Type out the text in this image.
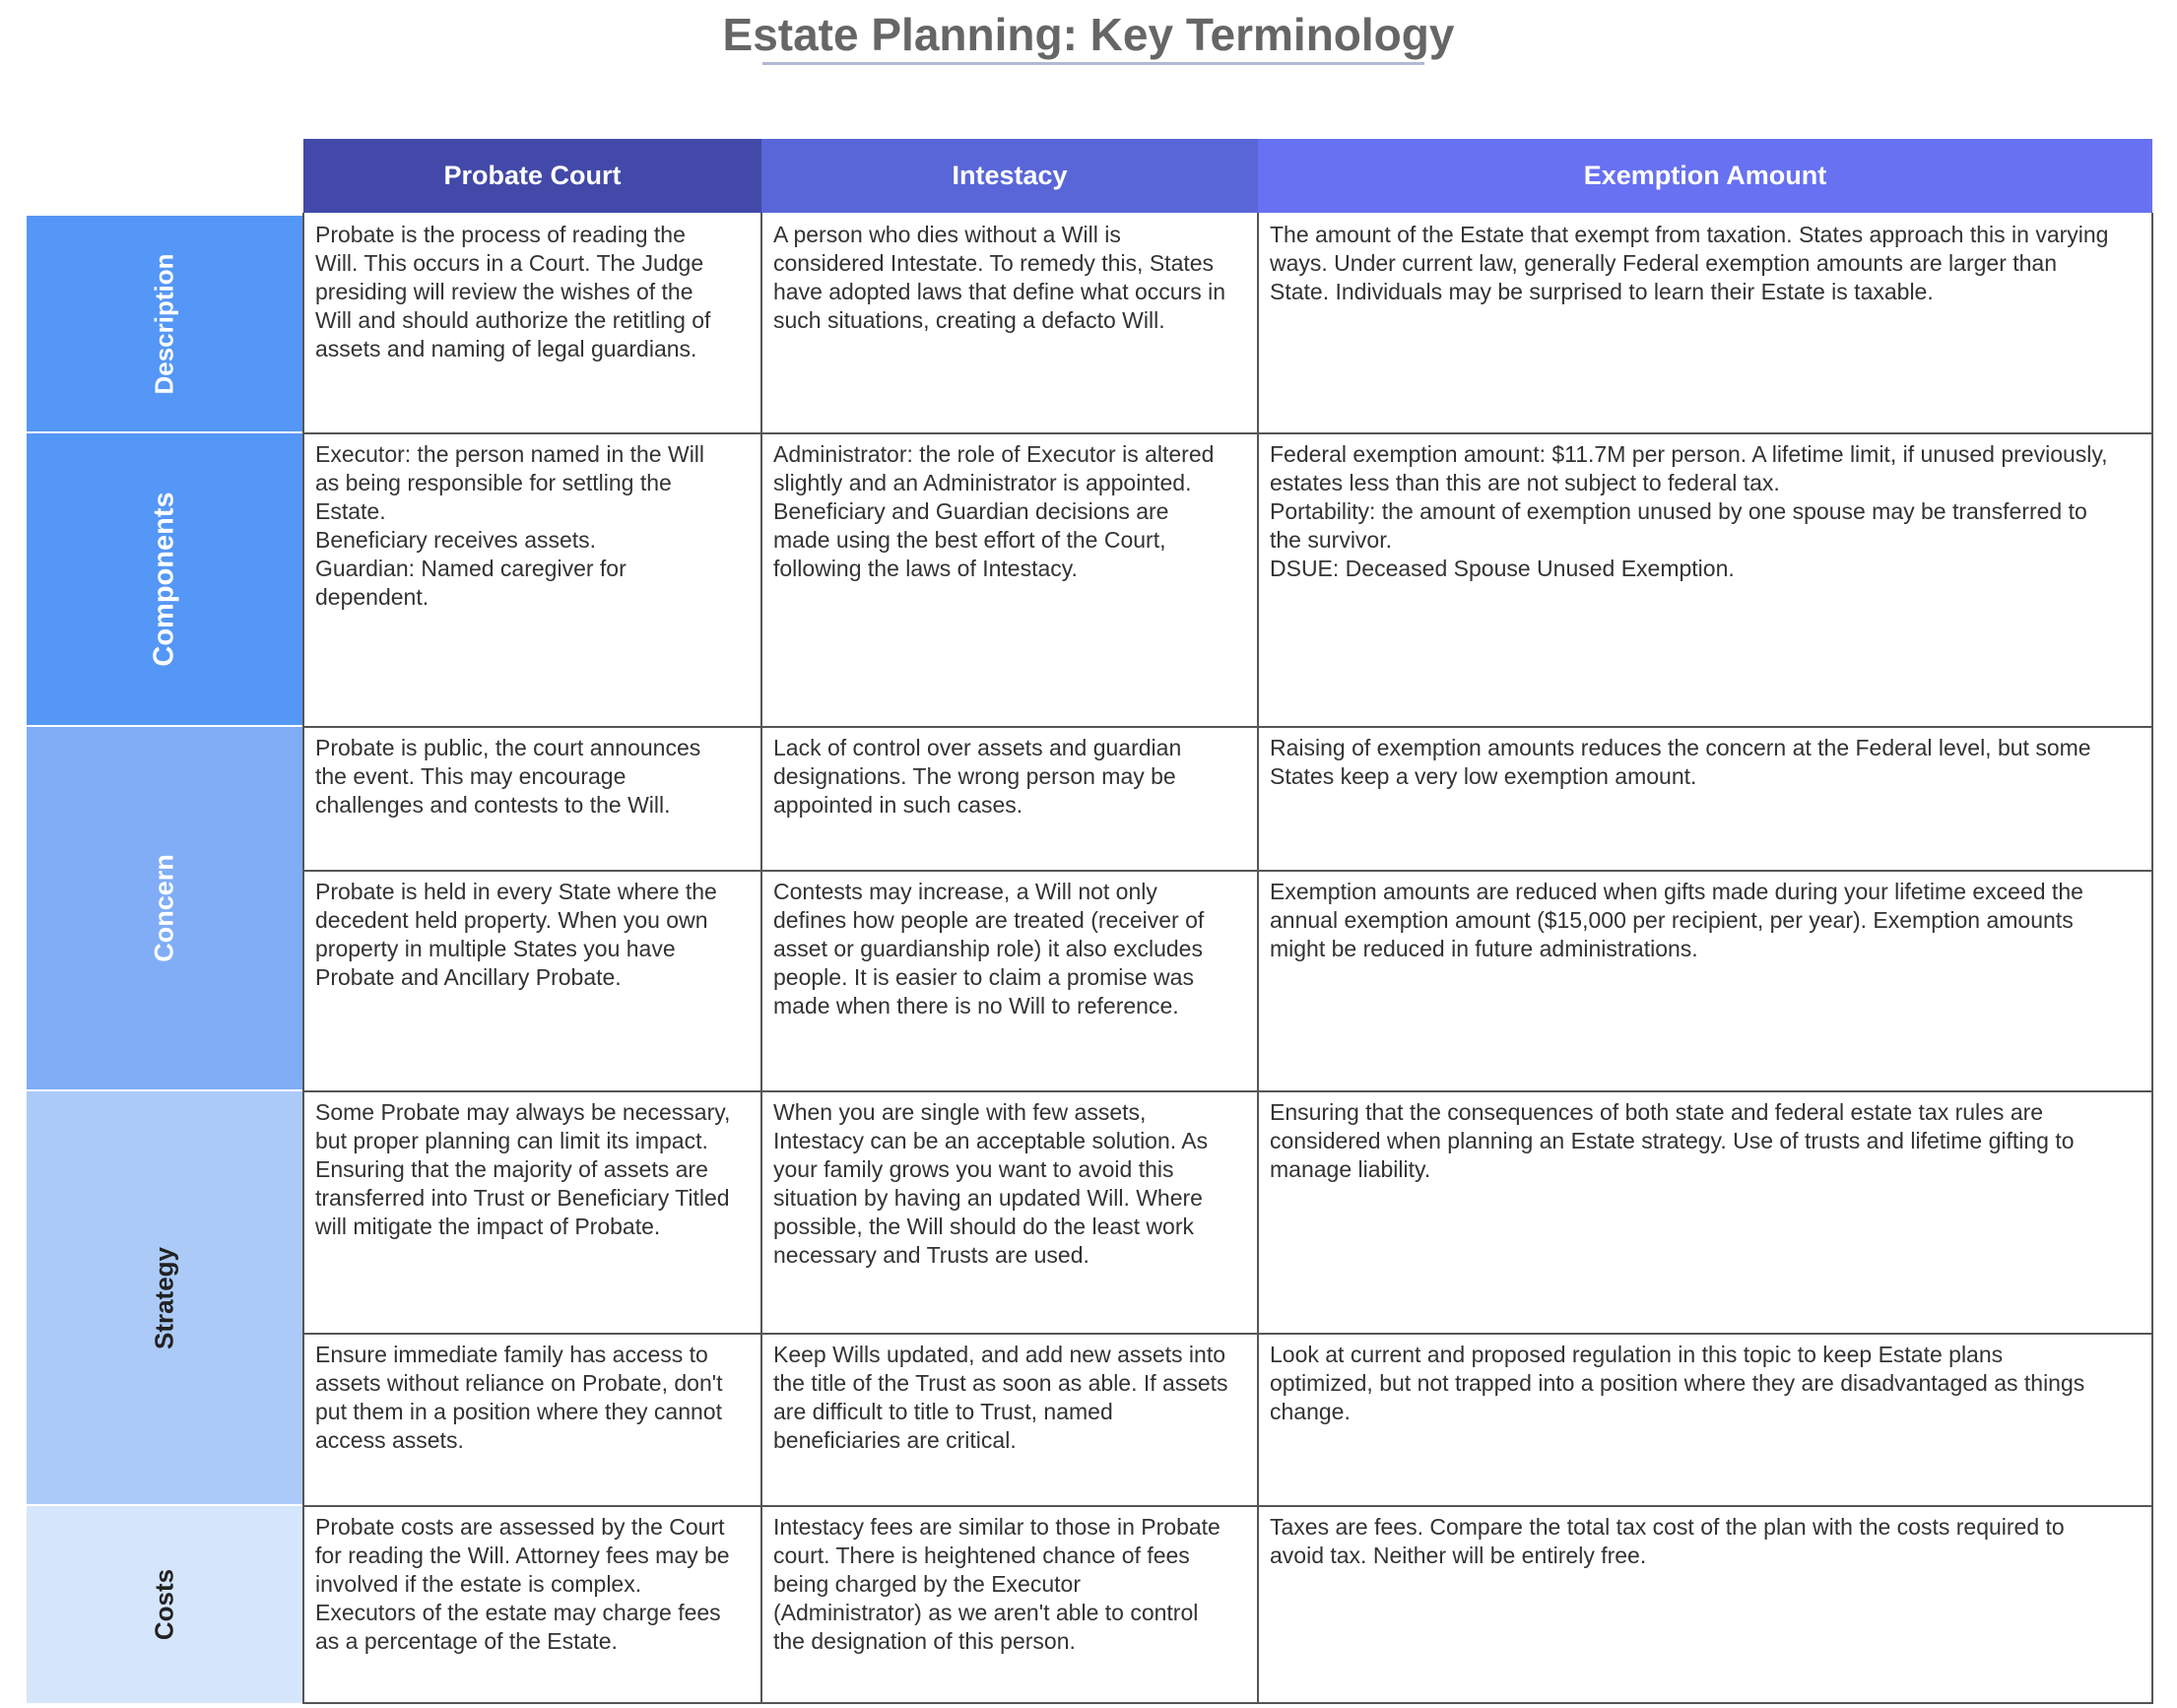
Estate Planning: Key Terminology
Probate Court	Intestacy	Exemption Amount
Description
Components
Concern
Strategy
Costs
Probate is the process of reading the
Will. This occurs in a Court. The Judge
presiding will review the wishes of the
Will and should authorize the retitling of
assets and naming of legal guardians.
A person who dies without a Will is
considered Intestate. To remedy this, States
have adopted laws that define what occurs in
such situations, creating a defacto Will.
The amount of the Estate that exempt from taxation. States approach this in varying
ways. Under current law, generally Federal exemption amounts are larger than
State. Individuals may be surprised to learn their Estate is taxable.
Executor: the person named in the Will
as being responsible for settling the
Estate.
Beneficiary receives assets.
Guardian: Named caregiver for
dependent.
Administrator: the role of Executor is altered
slightly and an Administrator is appointed.
Beneficiary and Guardian decisions are
made using the best effort of the Court,
following the laws of Intestacy.
Federal exemption amount: $11.7M per person. A lifetime limit, if unused previously,
estates less than this are not subject to federal tax.
Portability: the amount of exemption unused by one spouse may be transferred to
the survivor.
DSUE: Deceased Spouse Unused Exemption.
Probate is public, the court announces
the event. This may encourage
challenges and contests to the Will.
Lack of control over assets and guardian
designations. The wrong person may be
appointed in such cases.
Raising of exemption amounts reduces the concern at the Federal level, but some
States keep a very low exemption amount.
Probate is held in every State where the
decedent held property. When you own
property in multiple States you have
Probate and Ancillary Probate.
Contests may increase, a Will not only
defines how people are treated (receiver of
asset or guardianship role) it also excludes
people. It is easier to claim a promise was
made when there is no Will to reference.
Exemption amounts are reduced when gifts made during your lifetime exceed the
annual exemption amount ($15,000 per recipient, per year). Exemption amounts
might be reduced in future administrations.
Some Probate may always be necessary,
but proper planning can limit its impact.
Ensuring that the majority of assets are
transferred into Trust or Beneficiary Titled
will mitigate the impact of Probate.
When you are single with few assets,
Intestacy can be an acceptable solution. As
your family grows you want to avoid this
situation by having an updated Will. Where
possible, the Will should do the least work
necessary and Trusts are used.
Ensuring that the consequences of both state and federal estate tax rules are
considered when planning an Estate strategy. Use of trusts and lifetime gifting to
manage liability.
Ensure immediate family has access to
assets without reliance on Probate, don't
put them in a position where they cannot
access assets.
Keep Wills updated, and add new assets into
the title of the Trust as soon as able. If assets
are difficult to title to Trust, named
beneficiaries are critical.
Look at current and proposed regulation in this topic to keep Estate plans
optimized, but not trapped into a position where they are disadvantaged as things
change.
Probate costs are assessed by the Court
for reading the Will. Attorney fees may be
involved if the estate is complex.
Executors of the estate may charge fees
as a percentage of the Estate.
Intestacy fees are similar to those in Probate
court. There is heightened chance of fees
being charged by the Executor
(Administrator) as we aren't able to control
the designation of this person.
Taxes are fees. Compare the total tax cost of the plan with the costs required to
avoid tax. Neither will be entirely free.
